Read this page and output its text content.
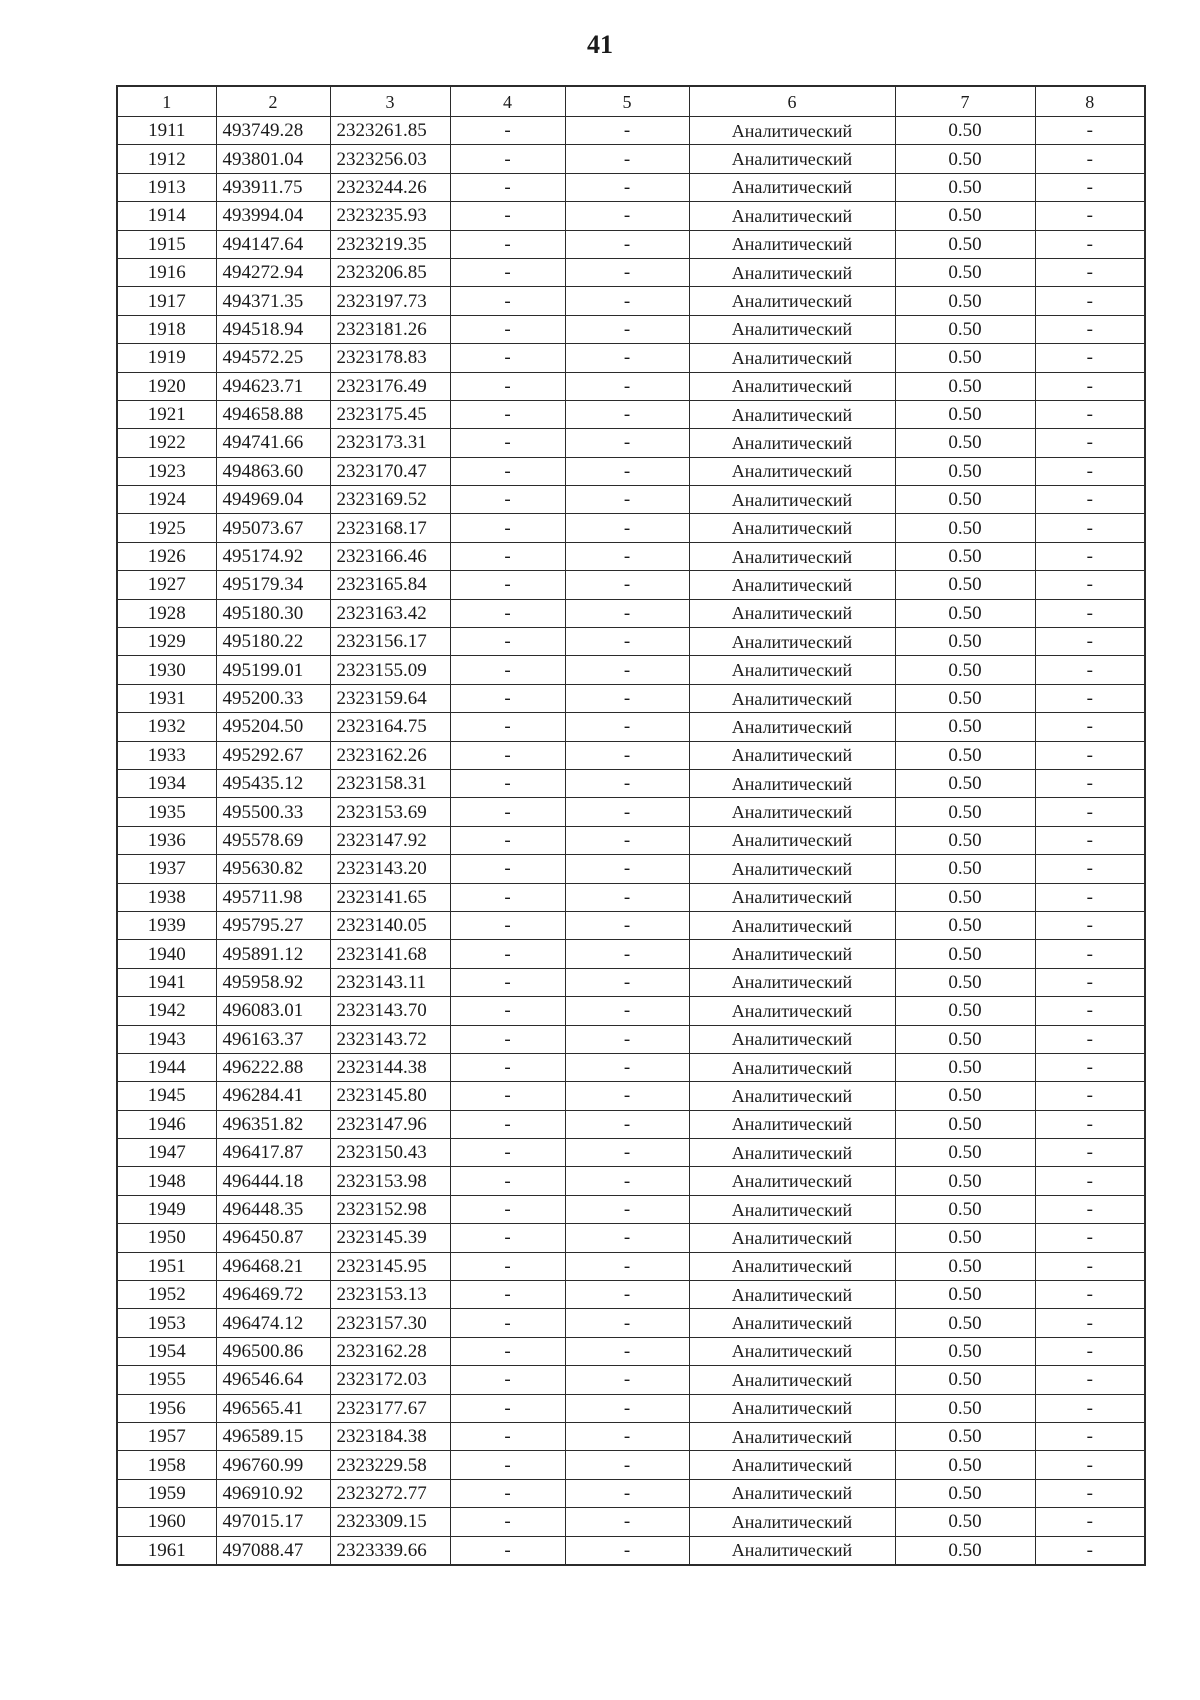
41
1	2	3	4	5	6	7	8
1911	493749.28	2323261.85	-	-	Аналитический	0.50	-
1912	493801.04	2323256.03	-	-	Аналитический	0.50	-
1913	493911.75	2323244.26	-	-	Аналитический	0.50	-
1914	493994.04	2323235.93	-	-	Аналитический	0.50	-
1915	494147.64	2323219.35	-	-	Аналитический	0.50	-
1916	494272.94	2323206.85	-	-	Аналитический	0.50	-
1917	494371.35	2323197.73	-	-	Аналитический	0.50	-
1918	494518.94	2323181.26	-	-	Аналитический	0.50	-
1919	494572.25	2323178.83	-	-	Аналитический	0.50	-
1920	494623.71	2323176.49	-	-	Аналитический	0.50	-
1921	494658.88	2323175.45	-	-	Аналитический	0.50	-
1922	494741.66	2323173.31	-	-	Аналитический	0.50	-
1923	494863.60	2323170.47	-	-	Аналитический	0.50	-
1924	494969.04	2323169.52	-	-	Аналитический	0.50	-
1925	495073.67	2323168.17	-	-	Аналитический	0.50	-
1926	495174.92	2323166.46	-	-	Аналитический	0.50	-
1927	495179.34	2323165.84	-	-	Аналитический	0.50	-
1928	495180.30	2323163.42	-	-	Аналитический	0.50	-
1929	495180.22	2323156.17	-	-	Аналитический	0.50	-
1930	495199.01	2323155.09	-	-	Аналитический	0.50	-
1931	495200.33	2323159.64	-	-	Аналитический	0.50	-
1932	495204.50	2323164.75	-	-	Аналитический	0.50	-
1933	495292.67	2323162.26	-	-	Аналитический	0.50	-
1934	495435.12	2323158.31	-	-	Аналитический	0.50	-
1935	495500.33	2323153.69	-	-	Аналитический	0.50	-
1936	495578.69	2323147.92	-	-	Аналитический	0.50	-
1937	495630.82	2323143.20	-	-	Аналитический	0.50	-
1938	495711.98	2323141.65	-	-	Аналитический	0.50	-
1939	495795.27	2323140.05	-	-	Аналитический	0.50	-
1940	495891.12	2323141.68	-	-	Аналитический	0.50	-
1941	495958.92	2323143.11	-	-	Аналитический	0.50	-
1942	496083.01	2323143.70	-	-	Аналитический	0.50	-
1943	496163.37	2323143.72	-	-	Аналитический	0.50	-
1944	496222.88	2323144.38	-	-	Аналитический	0.50	-
1945	496284.41	2323145.80	-	-	Аналитический	0.50	-
1946	496351.82	2323147.96	-	-	Аналитический	0.50	-
1947	496417.87	2323150.43	-	-	Аналитический	0.50	-
1948	496444.18	2323153.98	-	-	Аналитический	0.50	-
1949	496448.35	2323152.98	-	-	Аналитический	0.50	-
1950	496450.87	2323145.39	-	-	Аналитический	0.50	-
1951	496468.21	2323145.95	-	-	Аналитический	0.50	-
1952	496469.72	2323153.13	-	-	Аналитический	0.50	-
1953	496474.12	2323157.30	-	-	Аналитический	0.50	-
1954	496500.86	2323162.28	-	-	Аналитический	0.50	-
1955	496546.64	2323172.03	-	-	Аналитический	0.50	-
1956	496565.41	2323177.67	-	-	Аналитический	0.50	-
1957	496589.15	2323184.38	-	-	Аналитический	0.50	-
1958	496760.99	2323229.58	-	-	Аналитический	0.50	-
1959	496910.92	2323272.77	-	-	Аналитический	0.50	-
1960	497015.17	2323309.15	-	-	Аналитический	0.50	-
1961	497088.47	2323339.66	-	-	Аналитический	0.50	-
